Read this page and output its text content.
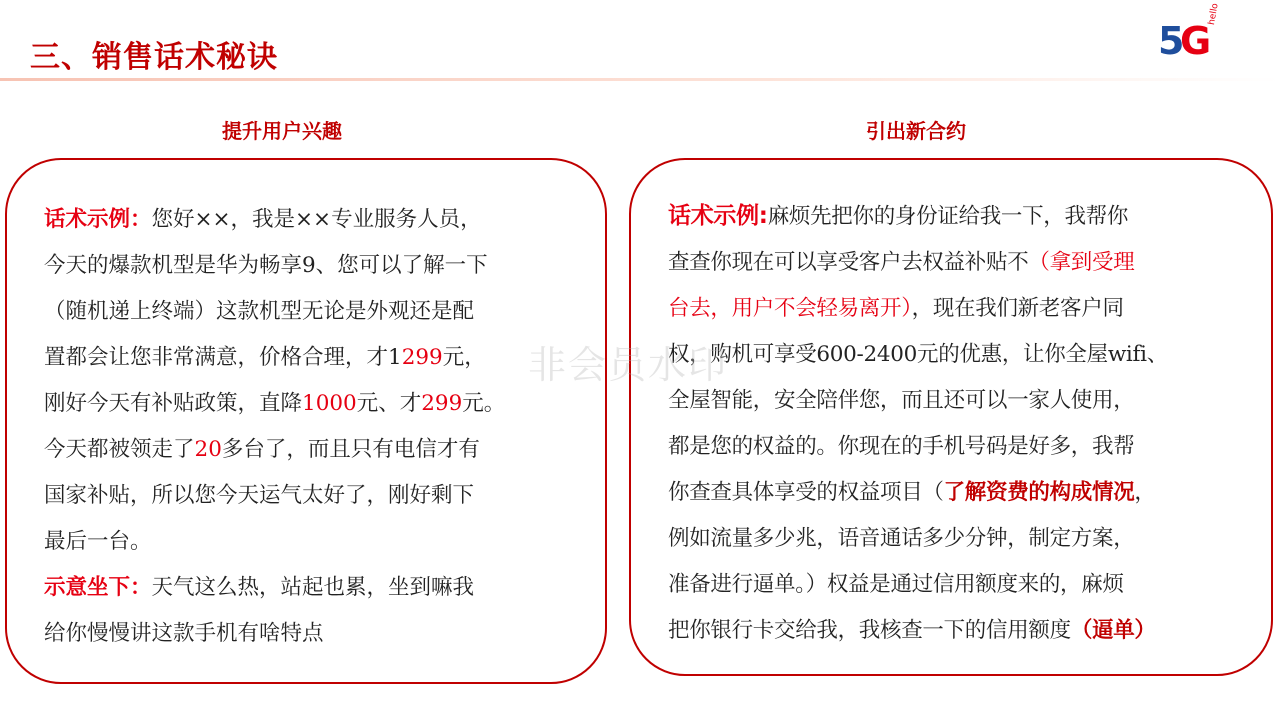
三、销售话术秘诀	5
G
hello
提升用户兴趣	引出新合约
话术示例：您好××，我是××专业服务人员，
今天的爆款机型是华为畅享9、您可以了解一下
（随机递上终端）这款机型无论是外观还是配
置都会让您非常满意，价格合理，才1299元，
刚好今天有补贴政策，直降1000元、才299元。
今天都被领走了20多台了，而且只有电信才有
国家补贴，所以您今天运气太好了，刚好剩下
最后一台。
示意坐下：天气这么热，站起也累，坐到嘛我
给你慢慢讲这款手机有啥特点
话术示例:麻烦先把你的身份证给我一下，我帮你
查查你现在可以享受客户去权益补贴不（拿到受理
台去，用户不会轻易离开），现在我们新老客户同
权，购机可享受600-2400元的优惠，让你全屋wifi、
全屋智能，安全陪伴您，而且还可以一家人使用，
都是您的权益的。你现在的手机号码是好多，我帮
你查查具体享受的权益项目（了解资费的构成情况，
例如流量多少兆，语音通话多少分钟，制定方案，
准备进行逼单。）权益是通过信用额度来的，麻烦
把你银行卡交给我，我核查一下的信用额度（逼单）
非会员水印
